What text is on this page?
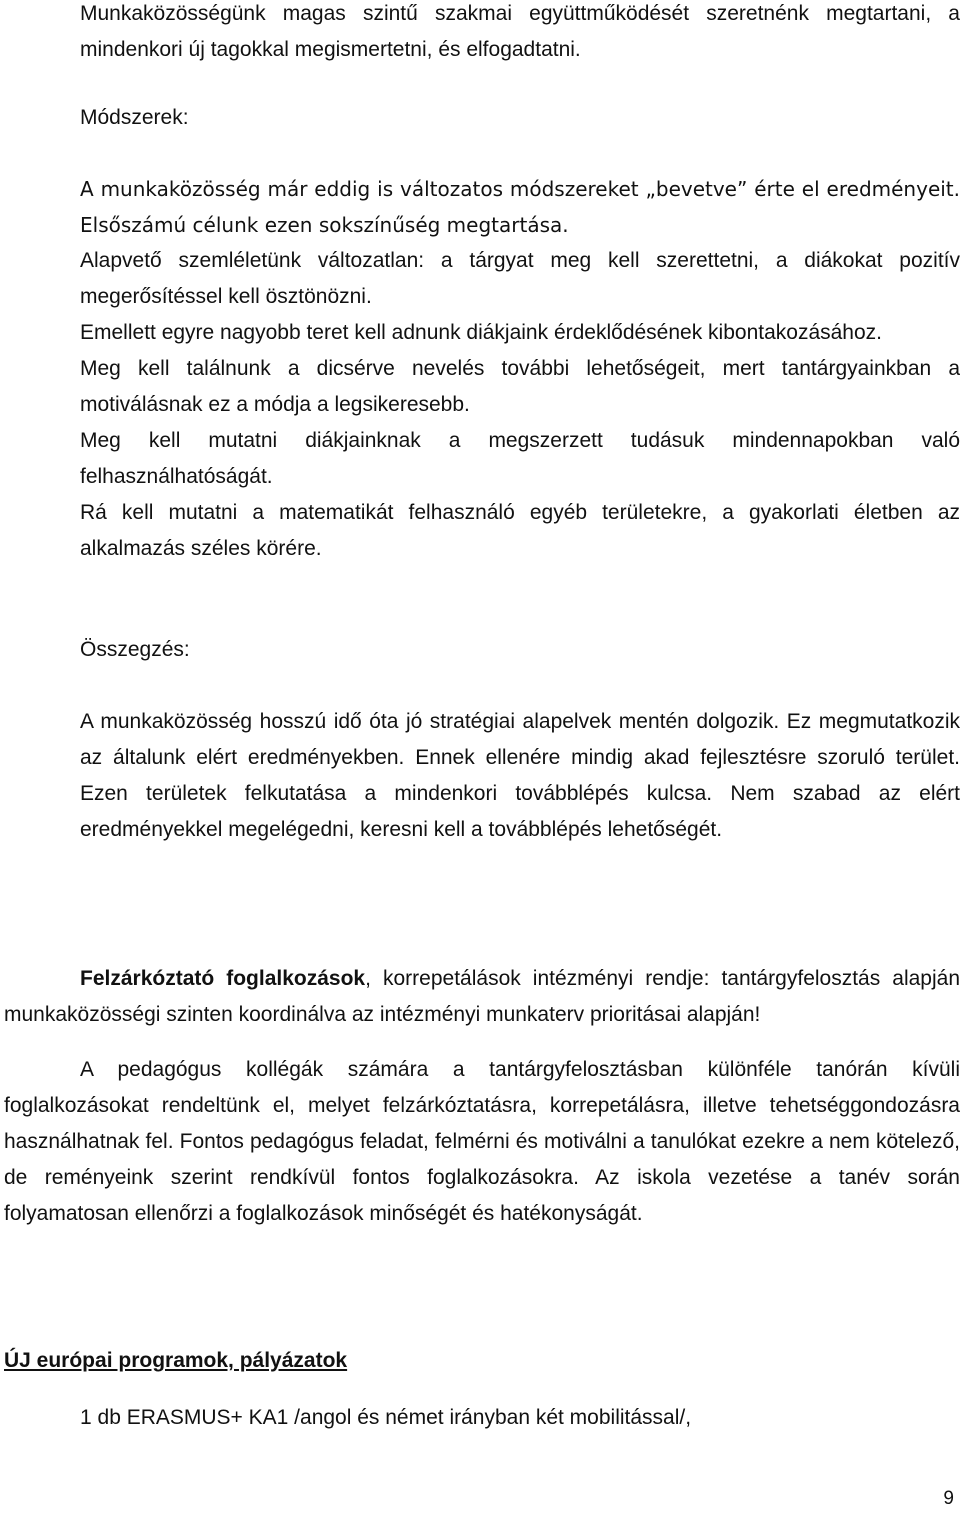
Munkaközösségünk magas szintű szakmai együttműködését szeretnénk megtartani, a mindenkori új tagokkal megismertetni, és elfogadtatni.

Módszerek:

A munkaközösség már eddig is változatos módszereket „bevetve” érte el eredményeit. Elsőszámú célunk ezen sokszínűség megtartása.

Alapvető szemléletünk változatlan: a tárgyat meg kell szerettetni, a diákokat pozitív megerősítéssel kell ösztönözni.

Emellett egyre nagyobb teret kell adnunk diákjaink érdeklődésének kibontakozásához.

Meg kell találnunk a dicsérve nevelés további lehetőségeit, mert tantárgyainkban a motiválásnak ez a módja a legsikeresebb.

Meg kell mutatni diákjainknak a megszerzett tudásuk mindennapokban való felhasználhatóságát.

Rá kell mutatni a matematikát felhasználó egyéb területekre, a gyakorlati életben az alkalmazás széles körére.

Összegzés:

A munkaközösség hosszú idő óta jó stratégiai alapelvek mentén dolgozik. Ez megmutatkozik az általunk elért eredményekben. Ennek ellenére mindig akad fejlesztésre szoruló terület. Ezen területek felkutatása a mindenkori továbblépés kulcsa. Nem szabad az elért eredményekkel megelégedni, keresni kell a továbblépés lehetőségét.

Felzárkóztató foglalkozások, korrepetálások intézményi rendje: tantárgyfelosztás alapján munkaközösségi szinten koordinálva az intézményi munkaterv prioritásai alapján!

A pedagógus kollégák számára a tantárgyfelosztásban különféle tanórán kívüli foglalkozásokat rendeltünk el, melyet felzárkóztatásra, korrepetálásra, illetve tehetséggondozásra használhatnak fel. Fontos pedagógus feladat, felmérni és motiválni a tanulókat ezekre a nem kötelező, de reményeink szerint rendkívül fontos foglalkozásokra. Az iskola vezetése a tanév során folyamatosan ellenőrzi a foglalkozások minőségét és hatékonyságát.

ÚJ európai programok, pályázatok

1 db ERASMUS+ KA1 /angol és német irányban két mobilitással/,

9
